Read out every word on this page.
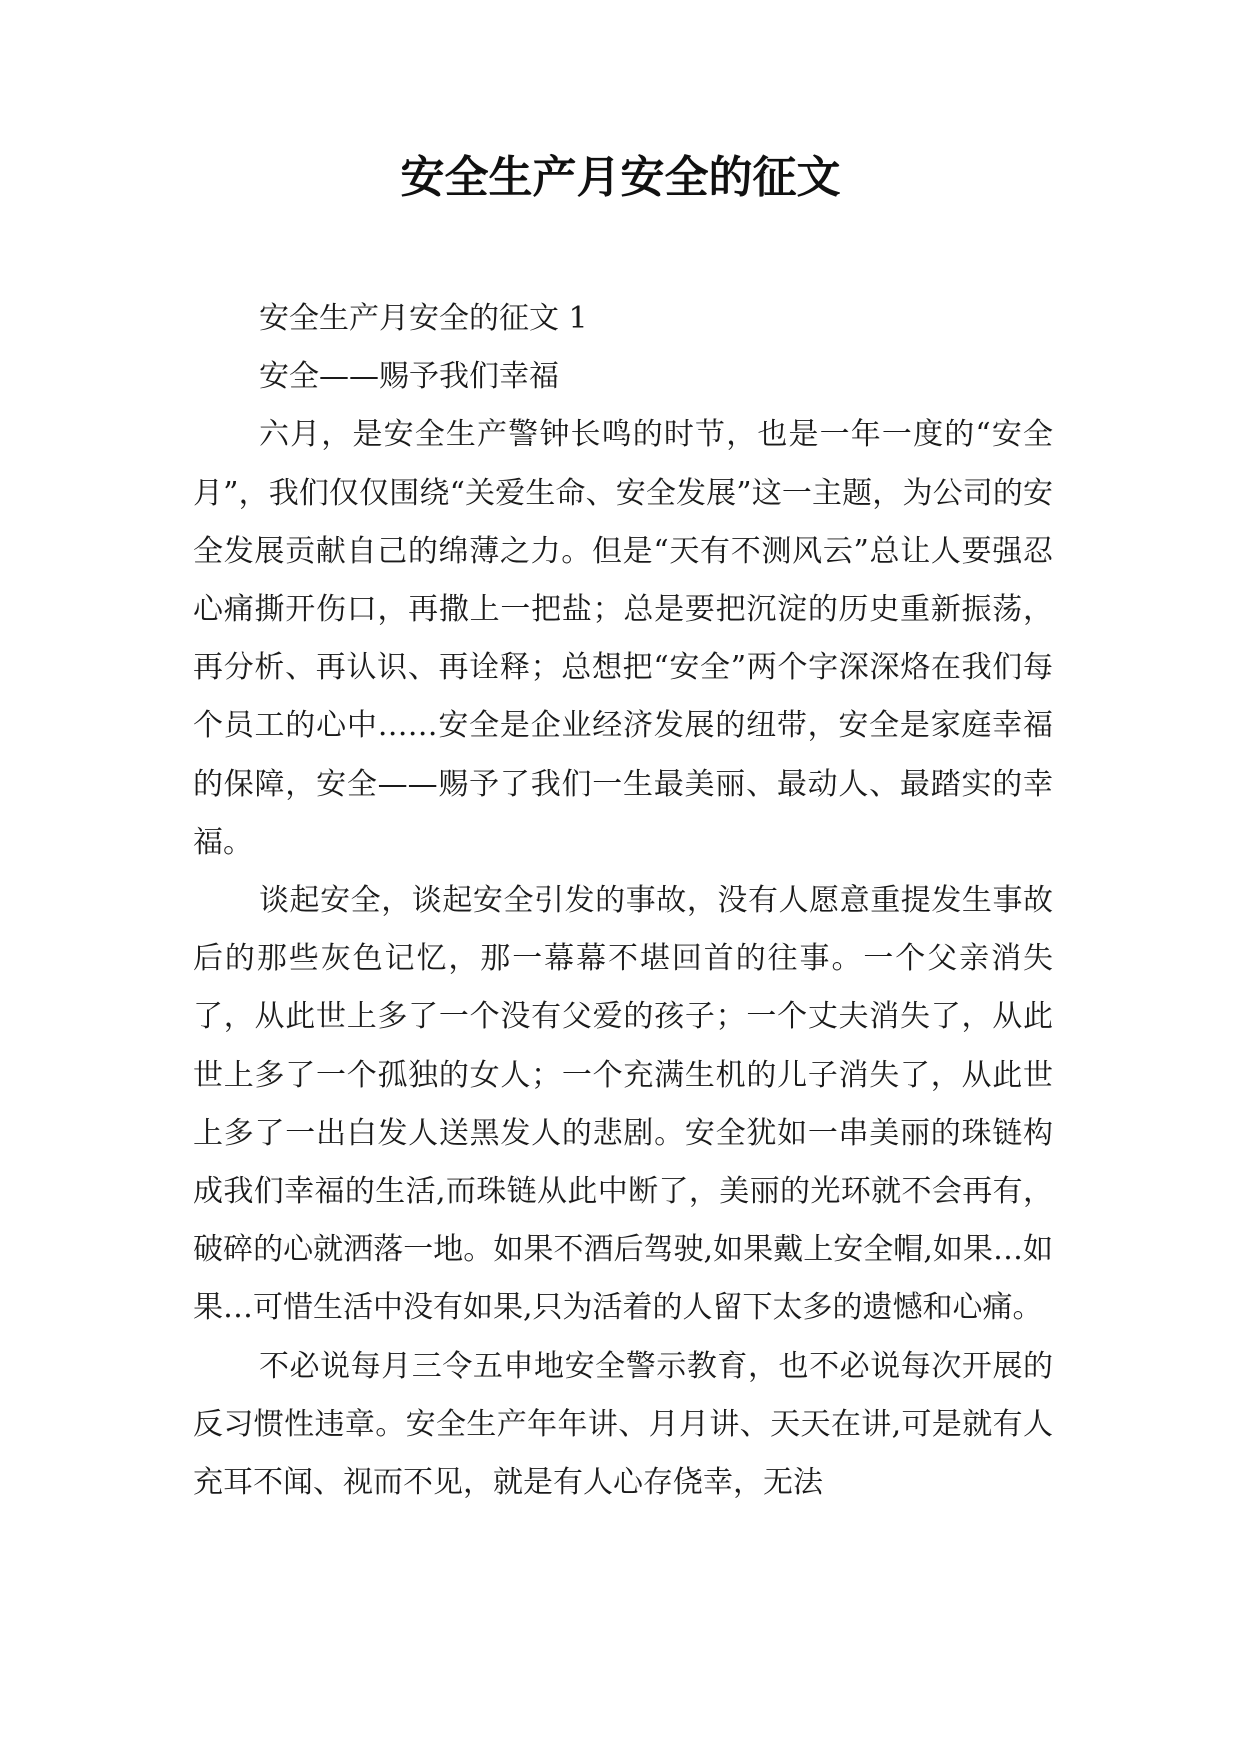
安全生产月安全的征文

安全生产月安全的征文 1

安全——赐予我们幸福

六月，是安全生产警钟长鸣的时节，也是一年一度的“安全月”，我们仅仅围绕“关爱生命、安全发展”这一主题，为公司的安全发展贡献自己的绵薄之力。但是“天有不测风云”总让人要强忍心痛撕开伤口，再撒上一把盐；总是要把沉淀的历史重新振荡，再分析、再认识、再诠释；总想把“安全”两个字深深烙在我们每个员工的心中……安全是企业经济发展的纽带，安全是家庭幸福的保障，安全——赐予了我们一生最美丽、最动人、最踏实的幸福。

谈起安全，谈起安全引发的事故，没有人愿意重提发生事故后的那些灰色记忆，那一幕幕不堪回首的往事。一个父亲消失了，从此世上多了一个没有父爱的孩子；一个丈夫消失了，从此世上多了一个孤独的女人；一个充满生机的儿子消失了，从此世上多了一出白发人送黑发人的悲剧。安全犹如一串美丽的珠链构成我们幸福的生活,而珠链从此中断了，美丽的光环就不会再有，破碎的心就洒落一地。如果不酒后驾驶,如果戴上安全帽,如果…如果…可惜生活中没有如果,只为活着的人留下太多的遗憾和心痛。

不必说每月三令五申地安全警示教育，也不必说每次开展的反习惯性违章。安全生产年年讲、月月讲、天天在讲,可是就有人充耳不闻、视而不见，就是有人心存侥幸，无法
